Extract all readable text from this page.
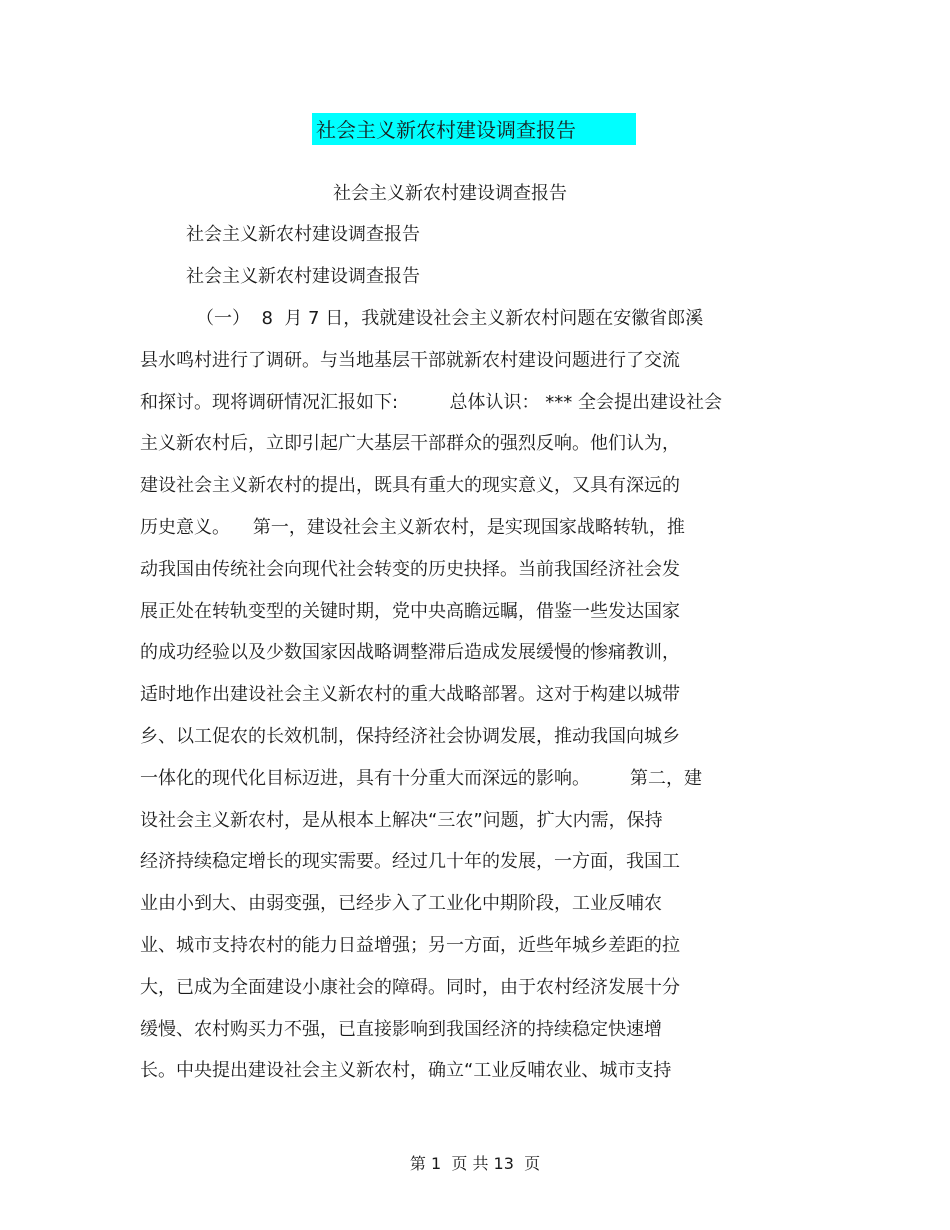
社会主义新农村建设调查报告
社会主义新农村建设调查报告
社会主义新农村建设调查报告
社会主义新农村建设调查报告
（一）  8  月 7 日，我就建设社会主义新农村问题在安徽省郎溪
县水鸣村进行了调研。与当地基层干部就新农村建设问题进行了交流
和探讨。现将调研情况汇报如下:         总体认识： *** 全会提出建设社会
主义新农村后，立即引起广大基层干部群众的强烈反响。他们认为，
建设社会主义新农村的提出，既具有重大的现实意义，又具有深远的
历史意义。    第一，建设社会主义新农村，是实现国家战略转轨，推
动我国由传统社会向现代社会转变的历史抉择。当前我国经济社会发
展正处在转轨变型的关键时期，党中央高瞻远瞩，借鉴一些发达国家
的成功经验以及少数国家因战略调整滞后造成发展缓慢的惨痛教训，
适时地作出建设社会主义新农村的重大战略部署。这对于构建以城带
乡、以工促农的长效机制，保持经济社会协调发展，推动我国向城乡
一体化的现代化目标迈进，具有十分重大而深远的影响。       第二，建
设社会主义新农村，是从根本上解决“三农”问题，扩大内需，保持
经济持续稳定增长的现实需要。经过几十年的发展，一方面，我国工
业由小到大、由弱变强，已经步入了工业化中期阶段，工业反哺农
业、城市支持农村的能力日益增强；另一方面，近些年城乡差距的拉
大，已成为全面建设小康社会的障碍。同时，由于农村经济发展十分
缓慢、农村购买力不强，已直接影响到我国经济的持续稳定快速增
长。中央提出建设社会主义新农村，确立“工业反哺农业、城市支持
第 1  页 共 13  页
